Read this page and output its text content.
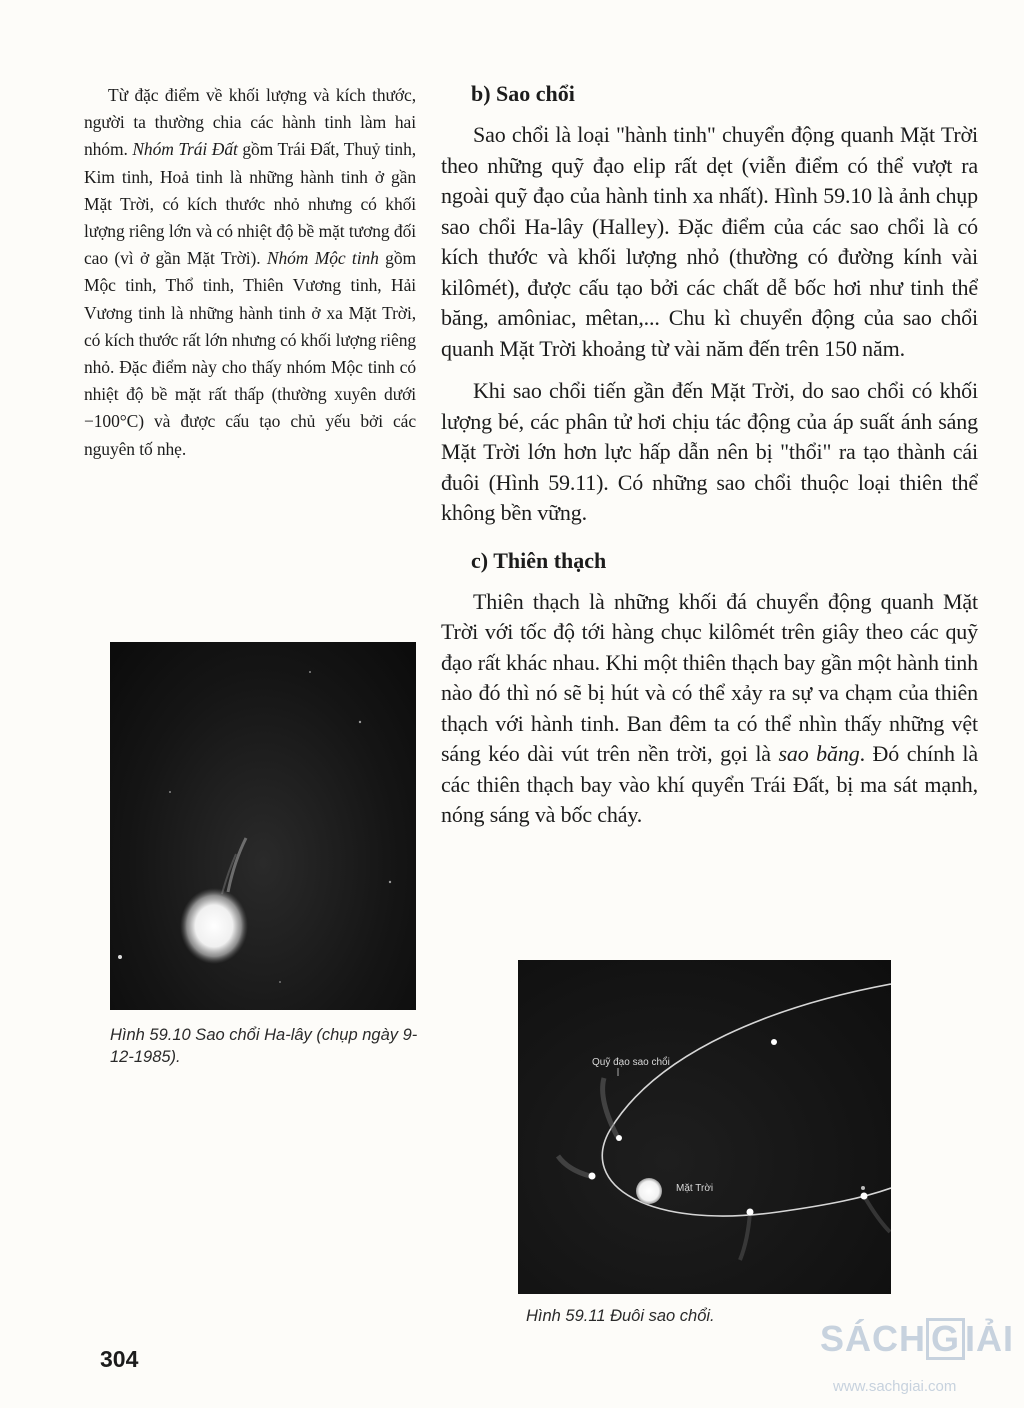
Từ đặc điểm về khối lượng và kích thước, người ta thường chia các hành tinh làm hai nhóm. Nhóm Trái Đất gồm Trái Đất, Thuỷ tinh, Kim tinh, Hoả tinh là những hành tinh ở gần Mặt Trời, có kích thước nhỏ nhưng có khối lượng riêng lớn và có nhiệt độ bề mặt tương đối cao (vì ở gần Mặt Trời). Nhóm Mộc tinh gồm Mộc tinh, Thổ tinh, Thiên Vương tinh, Hải Vương tinh là những hành tinh ở xa Mặt Trời, có kích thước rất lớn nhưng có khối lượng riêng nhỏ. Đặc điểm này cho thấy nhóm Mộc tinh có nhiệt độ bề mặt rất thấp (thường xuyên dưới −100°C) và được cấu tạo chủ yếu bởi các nguyên tố nhẹ.
Hình 59.10 Sao chổi Ha-lây (chụp ngày 9-12-1985).
b) Sao chổi
Sao chổi là loại "hành tinh" chuyển động quanh Mặt Trời theo những quỹ đạo elip rất dẹt (viễn điểm có thể vượt ra ngoài quỹ đạo của hành tinh xa nhất). Hình 59.10 là ảnh chụp sao chổi Ha-lây (Halley). Đặc điểm của các sao chổi là có kích thước và khối lượng nhỏ (thường có đường kính vài kilômét), được cấu tạo bởi các chất dễ bốc hơi như tinh thể băng, amôniac, mêtan,... Chu kì chuyển động của sao chổi quanh Mặt Trời khoảng từ vài năm đến trên 150 năm.
Khi sao chổi tiến gần đến Mặt Trời, do sao chổi có khối lượng bé, các phân tử hơi chịu tác động của áp suất ánh sáng Mặt Trời lớn hơn lực hấp dẫn nên bị "thổi" ra tạo thành cái đuôi (Hình 59.11). Có những sao chổi thuộc loại thiên thể không bền vững.
c) Thiên thạch
Thiên thạch là những khối đá chuyển động quanh Mặt Trời với tốc độ tới hàng chục kilômét trên giây theo các quỹ đạo rất khác nhau. Khi một thiên thạch bay gần một hành tinh nào đó thì nó sẽ bị hút và có thể xảy ra sự va chạm của thiên thạch với hành tinh. Ban đêm ta có thể nhìn thấy những vệt sáng kéo dài vút trên nền trời, gọi là sao băng. Đó chính là các thiên thạch bay vào khí quyển Trái Đất, bị ma sát mạnh, nóng sáng và bốc cháy.
Quỹ đạo sao chổi
Mặt Trời
Hình 59.11 Đuôi sao chổi.
304	SÁCH G IẢI
www.sachgiai.com
